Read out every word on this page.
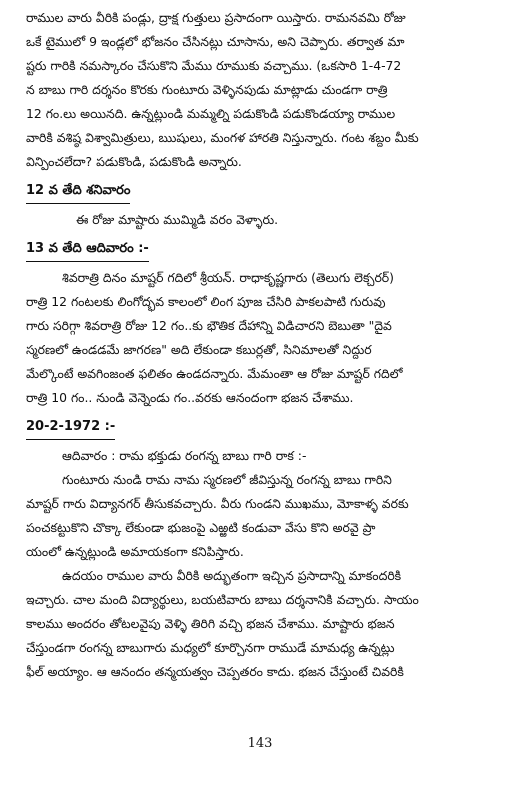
రాముల వారు వీరికి పండ్లు, ద్రాక్ష గుత్తులు ప్రసాదంగా యిస్తారు. రామనవమి రోజు
ఒకే టైములో 9 ఇండ్లలో భోజనం చేసినట్లు చూసాను, అని చెప్పారు. తర్వాత మా
ష్టరు గారికి నమస్కారం చేసుకొని మేము రూముకు వచ్చాము. (ఒకసారి 1-4-72
న బాబు గారి దర్శనం కొరకు గుంటూరు వెళ్ళినపుడు మాట్లాడు చుండగా రాత్రి
12 గం.లు అయినది. ఉన్నట్లుండి మమ్మల్ని పడుకొండి పడుకొండయ్యా రాముల
వారికి వశిష్ఠ విశ్వామిత్రులు, ఋషులు, మంగళ హారతి నిస్తున్నారు. గంట శబ్దం మీకు
విన్పించలేదా? పడుకొండి, పడుకొండి అన్నారు.
12 వ తేది శనివారం
ఈ రోజు మాష్టారు ముమ్మిడి వరం వెళ్ళారు.
13 వ తేది ఆదివారం :-
శివరాత్రి దినం మాష్టర్ గదిలో శ్రీయన్. రాధాకృష్ణగారు (తెలుగు లెక్చరర్)
రాత్రి 12 గంటలకు లింగోద్భవ కాలంలో లింగ పూజ చేసిరి పాకలపాటి గురువు
గారు సరిగ్గా శివరాత్రి రోజు 12 గం..కు భౌతిక దేహాన్ని విడిచారని బెబుతా "దైవ
స్మరణలో ఉండడమే జాగరణ" అది లేకుండా కబుర్లతో, సినిమాలతో నిద్దుర
మేల్కొంటే అవగింజంత ఫలితం ఉండదన్నారు. మేమంతా ఆ రోజు మాష్టర్ గదిలో
రాత్రి 10 గం.. నుండి వెన్నెండు గం..వరకు ఆనందంగా భజన చేశాము.
20-2-1972 :-
ఆదివారం : రామ భక్తుడు రంగన్న బాబు గారి రాక :-
గుంటూరు నుండి రామ నామ స్మరణలో జీవిస్తున్న రంగన్న బాబు గారిని
మాష్టర్ గారు విద్యానగర్ తీసుకవచ్చారు. వీరు గుండని ముఖము, మోకాళ్ళ వరకు
పంచకట్టుకొని చొక్కా లేకుండా భుజంపై ఎఱ్ఱటి కండువా వేసు కొని అరవై ప్రా
యంలో ఉన్నట్లుండి అమాయకంగా కనిపిస్తారు.
ఉదయం రాముల వారు వీరికి అద్భుతంగా ఇచ్చిన ప్రసాదాన్ని మాకందరికి
ఇచ్చారు. చాల మంది విద్యార్థులు, బయటివారు బాబు దర్శనానికి వచ్చారు. సాయం
కాలము అందరం తోటలవైపు వెళ్ళి తిరిగి వచ్చి భజన చేశాము. మాష్టారు భజన
చేస్తుండగా రంగన్న బాబుగారు మధ్యలో కూర్చొనగా రాముడే మామధ్య ఉన్నట్లు
ఫీల్ అయ్యాం. ఆ ఆనందం తన్మయత్వం చెప్పతరం కాదు. భజన చేస్తుంటే చివరికి
143
